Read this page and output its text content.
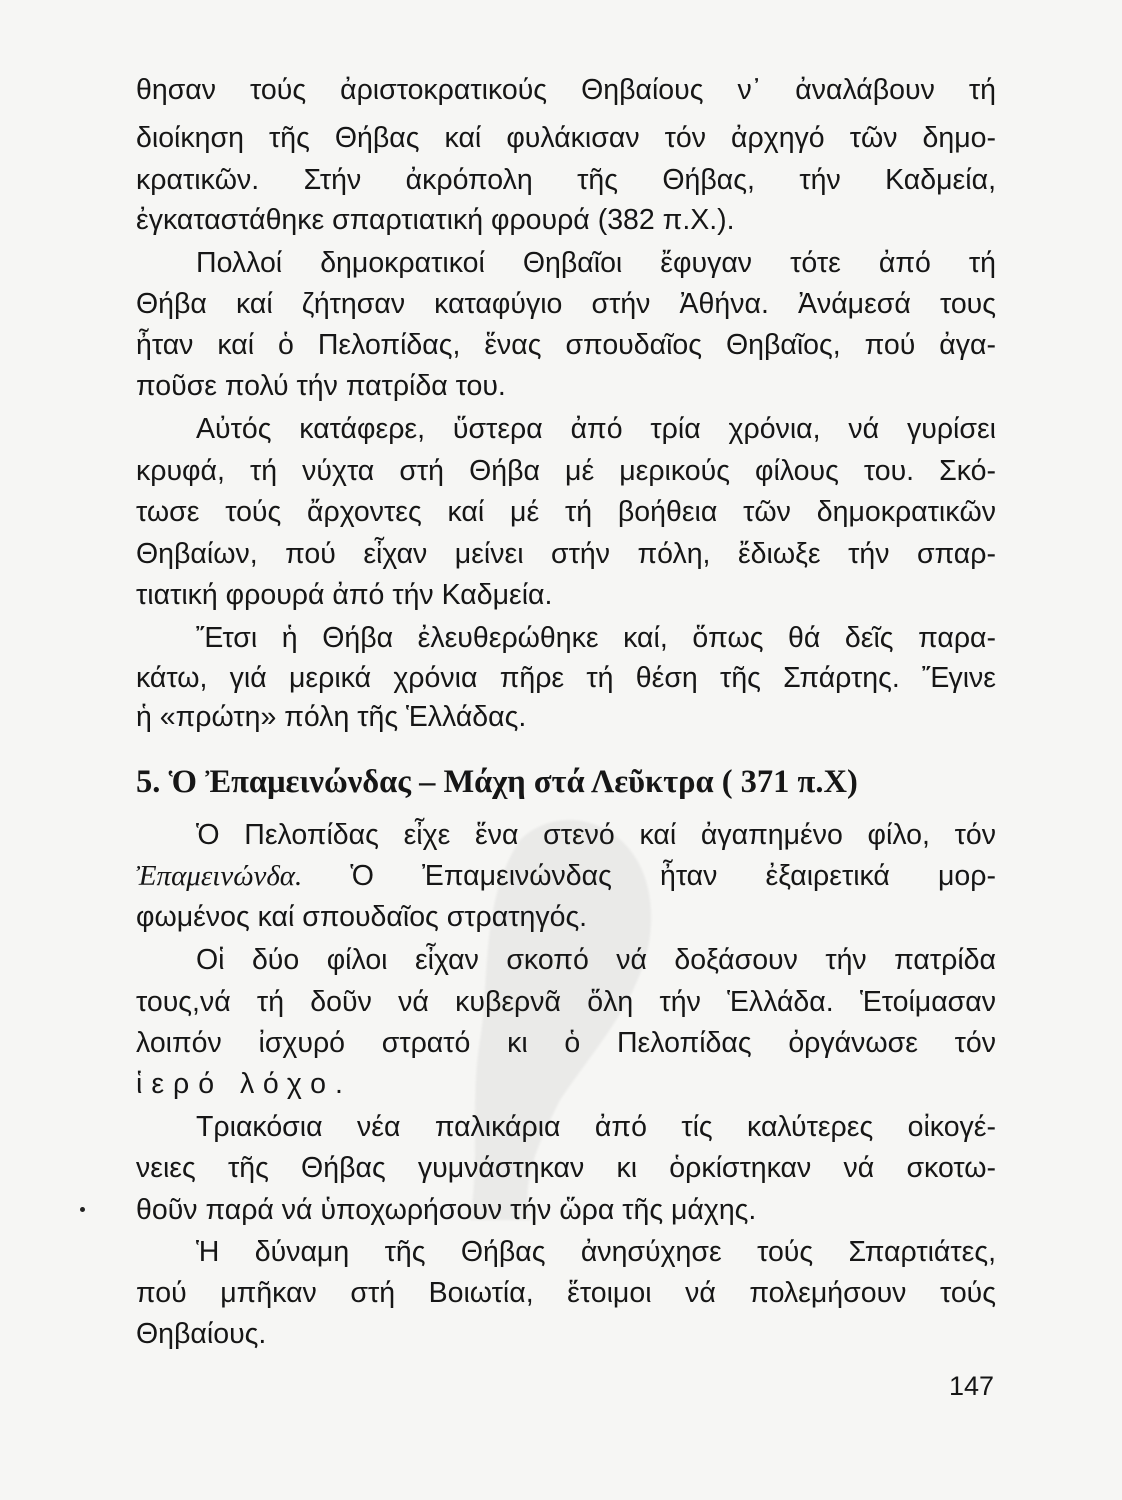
θησαν τούς ἀριστοκρατικούς Θηβαίους ν᾽ ἀναλάβουν τή
διοίκηση τῆς Θήβας καί φυλάκισαν τόν ἀρχηγό τῶν δημο-
κρατικῶν. Στήν ἀκρόπολη τῆς Θήβας, τήν Καδμεία,
ἐγκαταστάθηκε σπαρτιατική φρουρά (382 π.Χ.).
Πολλοί δημοκρατικοί Θηβαῖοι ἔφυγαν τότε ἀπό τή
Θήβα καί ζήτησαν καταφύγιο στήν Ἀθήνα. Ἀνάμεσά τους
ἦταν καί ὁ Πελοπίδας, ἕνας σπουδαῖος Θηβαῖος, πού ἀγα-
ποῦσε πολύ τήν πατρίδα του.
Αὐτός κατάφερε, ὕστερα ἀπό τρία χρόνια, νά γυρίσει
κρυφά, τή νύχτα στή Θήβα μέ μερικούς φίλους του. Σκό-
τωσε τούς ἄρχοντες καί μέ τή βοήθεια τῶν δημοκρατικῶν
Θηβαίων, πού εἶχαν μείνει στήν πόλη, ἔδιωξε τήν σπαρ-
τιατική φρουρά ἀπό τήν Καδμεία.
Ἔτσι ἡ Θήβα ἐλευθερώθηκε καί, ὅπως θά δεῖς παρα-
κάτω, γιά μερικά χρόνια πῆρε τή θέση τῆς Σπάρτης. Ἔγινε
ἡ «πρώτη» πόλη τῆς Ἑλλάδας.
5. Ὁ Ἐπαμεινώνδας – Μάχη στά Λεῦκτρα ( 371 π.Χ)
Ὁ Πελοπίδας εἶχε ἕνα στενό καί ἀγαπημένο φίλο, τόν
Ἐπαμεινώνδα. Ὁ Ἐπαμεινώνδας ἦταν ἐξαιρετικά μορ-
φωμένος καί σπουδαῖος στρατηγός.
Οἱ δύο φίλοι εἶχαν σκοπό νά δοξάσουν τήν πατρίδα
τους,νά τή δοῦν νά κυβερνᾶ ὅλη τήν Ἑλλάδα. Ἑτοίμασαν
λοιπόν ἰσχυρό στρατό κι ὁ Πελοπίδας ὀργάνωσε τόν
ἱερό λόχο.
Τριακόσια νέα παλικάρια ἀπό τίς καλύτερες οἰκογέ-
νειες τῆς Θήβας γυμνάστηκαν κι ὁρκίστηκαν νά σκοτω-
θοῦν παρά νά ὑποχωρήσουν τήν ὥρα τῆς μάχης.
Ἡ δύναμη τῆς Θήβας ἀνησύχησε τούς Σπαρτιάτες,
πού μπῆκαν στή Βοιωτία, ἕτοιμοι νά πολεμήσουν τούς
Θηβαίους.
147
